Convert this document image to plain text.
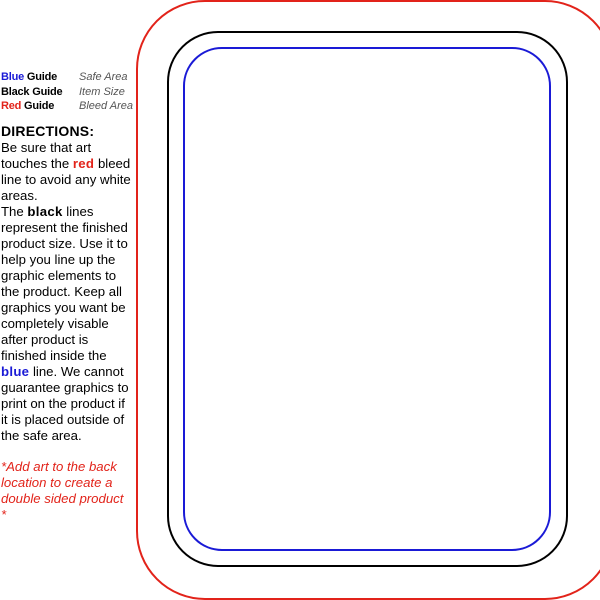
Blue Guide	Safe Area
Black Guide	Item Size
Red Guide	Bleed Area
DIRECTIONS:
Be sure that art touches the red bleed line to avoid any white areas.
The black lines represent the finished product size. Use it to help you line up the graphic elements to the product. Keep all graphics you want be completely visable after product is finished inside the blue line. We cannot guarantee graphics to print on the product if it is placed outside of the safe area.
*Add art to the back location to create a double sided product *
